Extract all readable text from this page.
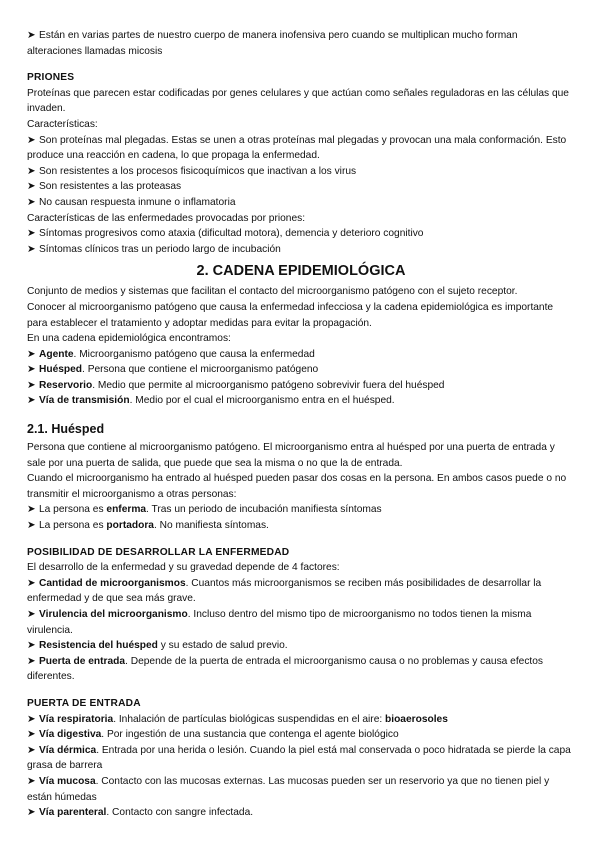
➤ Están en varias partes de nuestro cuerpo de manera inofensiva pero cuando se multiplican mucho forman alteraciones llamadas micosis

PRIONES

Proteínas que parecen estar codificadas por genes celulares y que actúan como señales reguladoras en las células que invaden.

Características:

➤ Son proteínas mal plegadas. Estas se unen a otras proteínas mal plegadas y provocan una mala conformación. Esto produce una reacción en cadena, lo que propaga la enfermedad.

➤ Son resistentes a los procesos fisicoquímicos que inactivan a los virus

➤ Son resistentes a las proteasas

➤ No causan respuesta inmune o inflamatoria

Características de las enfermedades provocadas por priones:

➤ Síntomas progresivos como ataxia (dificultad motora), demencia y deterioro cognitivo

➤ Síntomas clínicos tras un periodo largo de incubación

2. CADENA EPIDEMIOLÓGICA

Conjunto de medios y sistemas que facilitan el contacto del microorganismo patógeno con el sujeto receptor.

Conocer al microorganismo patógeno que causa la enfermedad infecciosa y la cadena epidemiológica es importante para establecer el tratamiento y adoptar medidas para evitar la propagación.

En una cadena epidemiológica encontramos:

➤ Agente. Microorganismo patógeno que causa la enfermedad

➤ Huésped. Persona que contiene el microorganismo patógeno

➤ Reservorio. Medio que permite al microorganismo patógeno sobrevivir fuera del huésped

➤ Vía de transmisión. Medio por el cual el microorganismo entra en el huésped.

2.1. Huésped

Persona que contiene al microorganismo patógeno. El microorganismo entra al huésped por una puerta de entrada y sale por una puerta de salida, que puede que sea la misma o no que la de entrada.

Cuando el microorganismo ha entrado al huésped pueden pasar dos cosas en la persona. En ambos casos puede o no transmitir el microorganismo a otras personas:

➤ La persona es enferma. Tras un periodo de incubación manifiesta síntomas

➤ La persona es portadora. No manifiesta síntomas.

POSIBILIDAD DE DESARROLLAR LA ENFERMEDAD

El desarrollo de la enfermedad y su gravedad depende de 4 factores:

➤ Cantidad de microorganismos. Cuantos más microorganismos se reciben más posibilidades de desarrollar la enfermedad y de que sea más grave.

➤ Virulencia del microorganismo. Incluso dentro del mismo tipo de microorganismo no todos tienen la misma virulencia.

➤ Resistencia del huésped y su estado de salud previo.

➤ Puerta de entrada. Depende de la puerta de entrada el microorganismo causa o no problemas y causa efectos diferentes.

PUERTA DE ENTRADA

➤ Vía respiratoria. Inhalación de partículas biológicas suspendidas en el aire: bioaerosoles

➤ Vía digestiva. Por ingestión de una sustancia que contenga el agente biológico

➤ Vía dérmica. Entrada por una herida o lesión. Cuando la piel está mal conservada o poco hidratada se pierde la capa grasa de barrera

➤ Vía mucosa. Contacto con las mucosas externas. Las mucosas pueden ser un reservorio ya que no tienen piel y están húmedas

➤ Vía parenteral. Contacto con sangre infectada.
